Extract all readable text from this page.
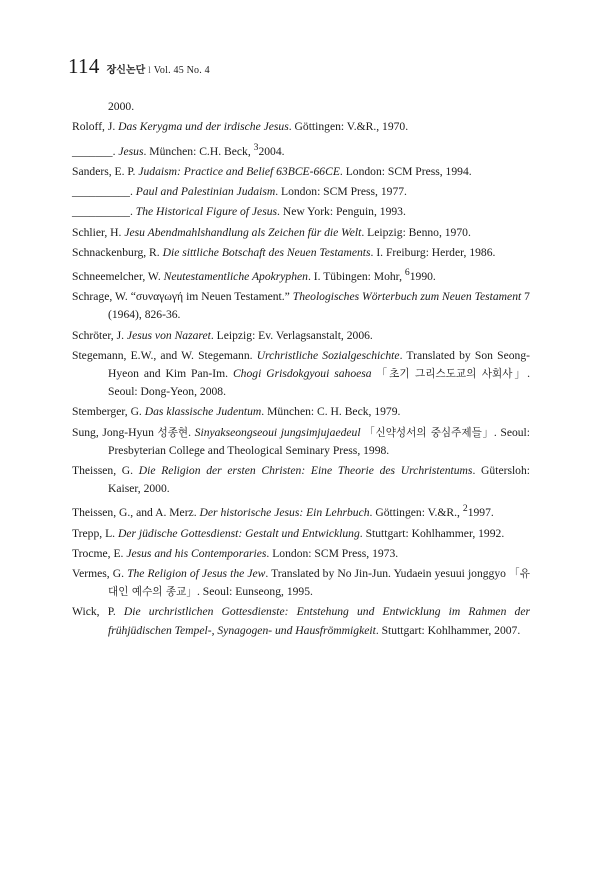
114 장신논단 l Vol. 45 No. 4
2000.
Roloff, J. Das Kerygma und der irdische Jesus. Göttingen: V.&R., 1970.
_______. Jesus. München: C.H. Beck, $^3$2004.
Sanders, E. P. Judaism: Practice and Belief 63BCE-66CE. London: SCM Press, 1994.
__________. Paul and Palestinian Judaism. London: SCM Press, 1977.
__________. The Historical Figure of Jesus. New York: Penguin, 1993.
Schlier, H. Jesu Abendmahlshandlung als Zeichen für die Welt. Leipzig: Benno, 1970.
Schnackenburg, R. Die sittliche Botschaft des Neuen Testaments. I. Freiburg: Herder, 1986.
Schneemelcher, W. Neutestamentliche Apokryphen. I. Tübingen: Mohr, $^6$1990.
Schrage, W. “συναγωγή im Neuen Testament.” Theologisches Wörterbuch zum Neuen Testament 7 (1964), 826-36.
Schröter, J. Jesus von Nazaret. Leipzig: Ev. Verlagsanstalt, 2006.
Stegemann, E.W., and W. Stegemann. Urchristliche Sozialgeschichte. Translated by Son Seong-Hyeon and Kim Pan-Im. Chogi Grisdokgyoui sahoesa 「초기 그리스도교의 사회사」. Seoul: Dong-Yeon, 2008.
Stemberger, G. Das klassische Judentum. München: C. H. Beck, 1979.
Sung, Jong-Hyun 성종현. Sinyakseongseoui jungsimjujaedeul 「신약성서의 중심주제들」. Seoul: Presbyterian College and Theological Seminary Press, 1998.
Theissen, G. Die Religion der ersten Christen: Eine Theorie des Urchristentums. Gütersloh: Kaiser, 2000.
Theissen, G., and A. Merz. Der historische Jesus: Ein Lehrbuch. Göttingen: V.&R., $^2$1997.
Trepp, L. Der jüdische Gottesdienst: Gestalt und Entwicklung. Stuttgart: Kohlhammer, 1992.
Trocme, E. Jesus and his Contemporaries. London: SCM Press, 1973.
Vermes, G. The Religion of Jesus the Jew. Translated by No Jin-Jun. Yudaein yesuui jonggyo 「유대인 예수의 종교」. Seoul: Eunseong, 1995.
Wick, P. Die urchristlichen Gottesdienste: Entstehung und Entwicklung im Rahmen der frühjüdischen Tempel-, Synagogen- und Hausfrömmigkeit. Stuttgart: Kohlhammer, 2007.
